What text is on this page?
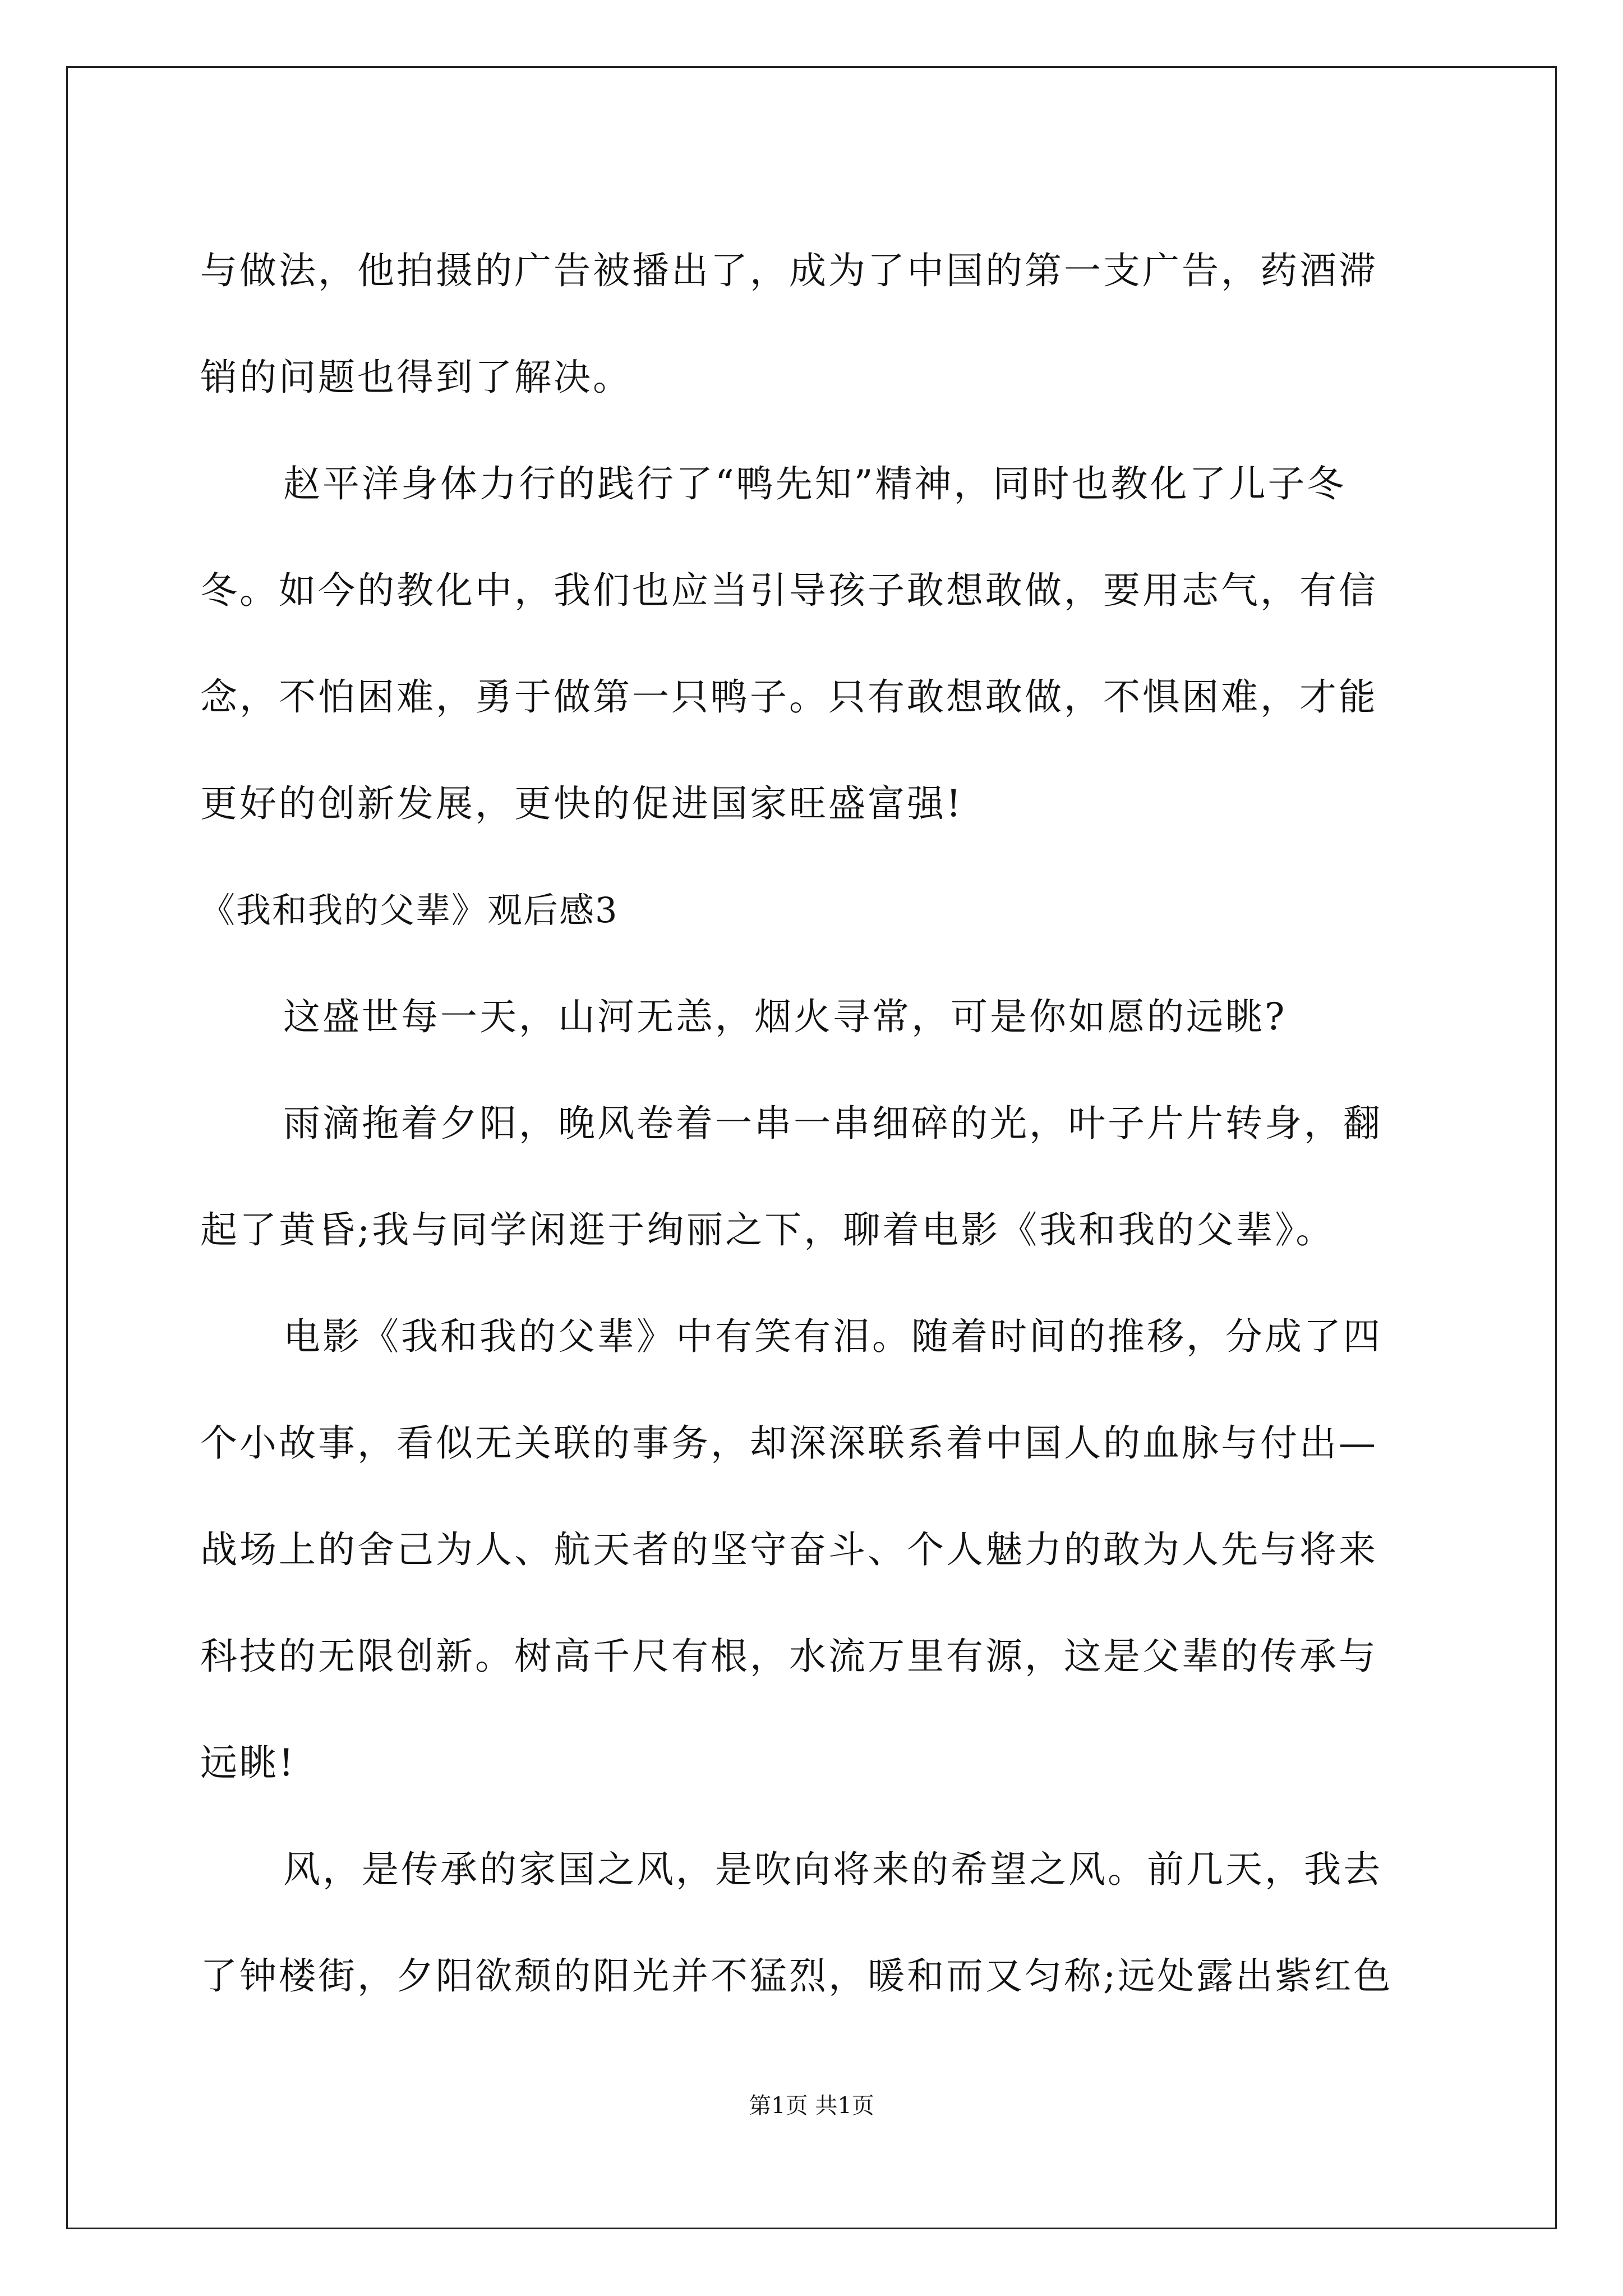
与做法，他拍摄的广告被播出了，成为了中国的第一支广告，药酒滞
销的问题也得到了解决。
赵平洋身体力行的践行了“鸭先知”精神，同时也教化了儿子冬
冬。如今的教化中，我们也应当引导孩子敢想敢做，要用志气，有信
念，不怕困难，勇于做第一只鸭子。只有敢想敢做，不惧困难，才能
更好的创新发展，更快的促进国家旺盛富强!
《我和我的父辈》观后感3
这盛世每一天，山河无恙，烟火寻常，可是你如愿的远眺?
雨滴拖着夕阳，晚风卷着一串一串细碎的光，叶子片片转身，翻
起了黄昏;我与同学闲逛于绚丽之下，聊着电影《我和我的父辈》。
电影《我和我的父辈》中有笑有泪。随着时间的推移，分成了四
个小故事，看似无关联的事务，却深深联系着中国人的血脉与付出—
战场上的舍己为人、航天者的坚守奋斗、个人魅力的敢为人先与将来
科技的无限创新。树高千尺有根，水流万里有源，这是父辈的传承与
远眺!
风，是传承的家国之风，是吹向将来的希望之风。前几天，我去
了钟楼街，夕阳欲颓的阳光并不猛烈，暖和而又匀称;远处露出紫红色
第1页 共1页
